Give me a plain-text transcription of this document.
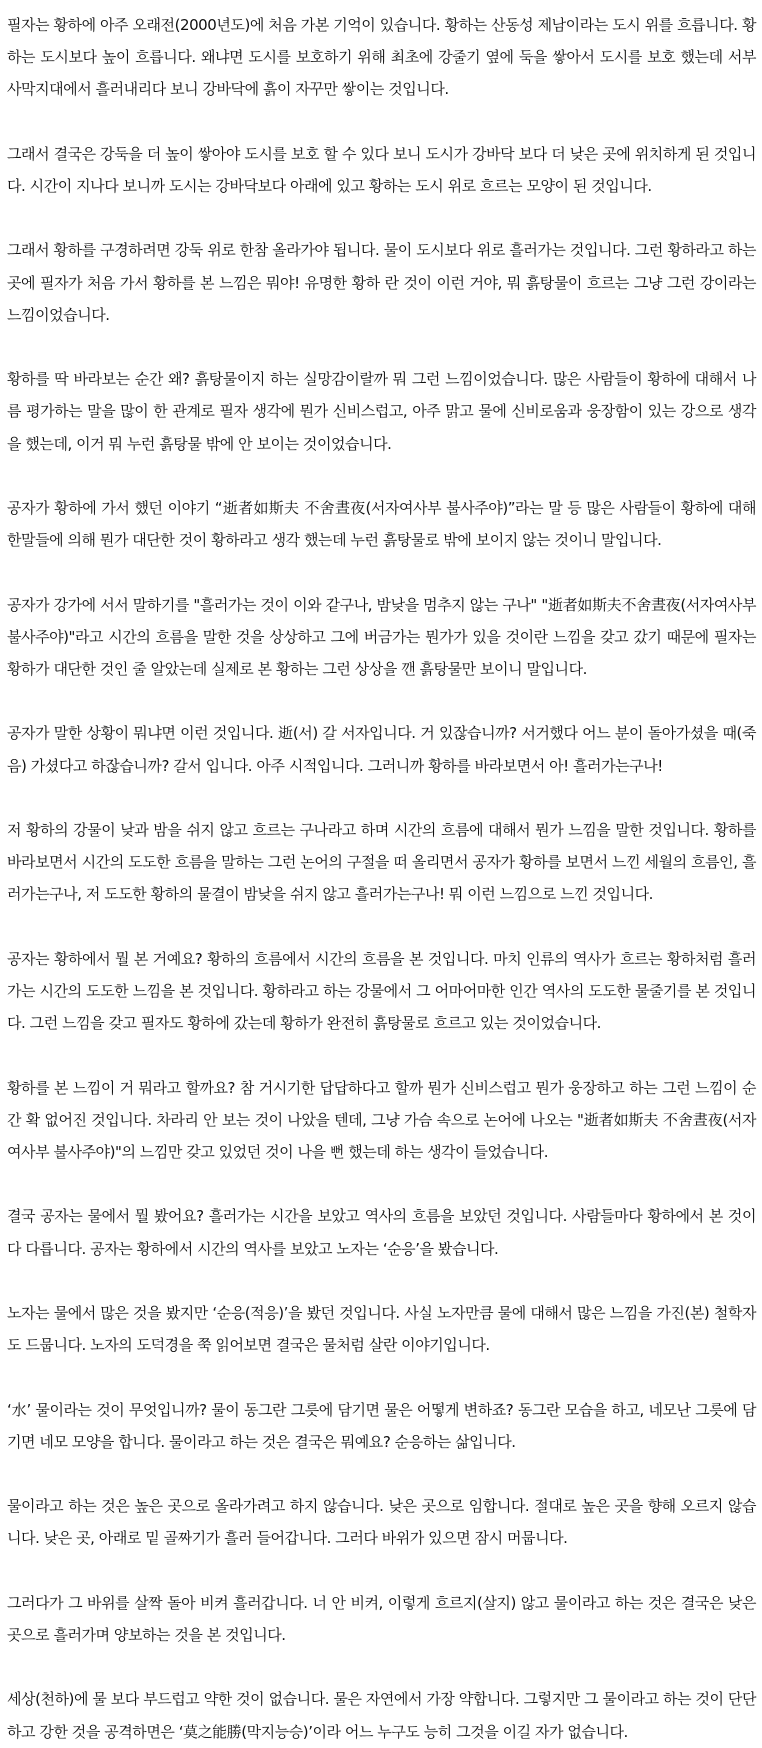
필자는 황하에 아주 오래전(2000년도)에 처음 가본 기억이 있습니다. 황하는 산동성 제남이라는 도시 위를 흐릅니다. 황하는 도시보다 높이 흐릅니다. 왜냐면 도시를 보호하기 위해 최초에 강줄기 옆에 둑을 쌓아서 도시를 보호 했는데 서부 사막지대에서 흘러내리다 보니 강바닥에 흙이 자꾸만 쌓이는 것입니다.

그래서 결국은 강둑을 더 높이 쌓아야 도시를 보호 할 수 있다 보니 도시가 강바닥 보다 더 낮은 곳에 위치하게 된 것입니다. 시간이 지나다 보니까 도시는 강바닥보다 아래에 있고 황하는 도시 위로 흐르는 모양이 된 것입니다.

그래서 황하를 구경하려면 강둑 위로 한참 올라가야 됩니다. 물이 도시보다 위로 흘러가는 것입니다. 그런 황하라고 하는 곳에 필자가 처음 가서 황하를 본 느낌은 뭐야! 유명한 황하 란 것이 이런 거야, 뭐 흙탕물이 흐르는 그냥 그런 강이라는 느낌이었습니다.

황하를 딱 바라보는 순간 왜? 흙탕물이지 하는 실망감이랄까 뭐 그런 느낌이었습니다. 많은 사람들이 황하에 대해서 나름 평가하는 말을 많이 한 관계로 필자 생각에 뭔가 신비스럽고, 아주 맑고 물에 신비로움과 웅장함이 있는 강으로 생각을 했는데, 이거 뭐 누런 흙탕물 밖에 안 보이는 것이었습니다.

공자가 황하에 가서 했던 이야기 “逝者如斯夫 不舍晝夜(서자여사부 불사주야)”라는 말 등 많은 사람들이 황하에 대해 한말들에 의해 뭔가 대단한 것이 황하라고 생각 했는데 누런 흙탕물로 밖에 보이지 않는 것이니 말입니다.

공자가 강가에 서서 말하기를 "흘러가는 것이 이와 같구나, 밤낮을 멈추지 않는 구나" "逝者如斯夫不舍晝夜(서자여사부불사주야)"라고 시간의 흐름을 말한 것을 상상하고 그에 버금가는 뭔가가 있을 것이란 느낌을 갖고 갔기 때문에 필자는 황하가 대단한 것인 줄 알았는데 실제로 본 황하는 그런 상상을 깬 흙탕물만 보이니 말입니다.

공자가 말한 상황이 뭐냐면 이런 것입니다. 逝(서) 갈 서자입니다. 거 있잖습니까? 서거했다 어느 분이 돌아가셨을 때(죽음) 가셨다고 하잖습니까? 갈서 입니다. 아주 시적입니다. 그러니까 황하를 바라보면서 아! 흘러가는구나!

저 황하의 강물이 낮과 밤을 쉬지 않고 흐르는 구나라고 하며 시간의 흐름에 대해서 뭔가 느낌을 말한 것입니다. 황하를 바라보면서 시간의 도도한 흐름을 말하는 그런 논어의 구절을 떠 올리면서 공자가 황하를 보면서 느낀 세월의 흐름인, 흘러가는구나, 저 도도한 황하의 물결이 밤낮을 쉬지 않고 흘러가는구나! 뭐 이런 느낌으로 느낀 것입니다.

공자는 황하에서 뭘 본 거예요? 황하의 흐름에서 시간의 흐름을 본 것입니다. 마치 인류의 역사가 흐르는 황하처럼 흘러가는 시간의 도도한 느낌을 본 것입니다. 황하라고 하는 강물에서 그 어마어마한 인간 역사의 도도한 물줄기를 본 것입니다. 그런 느낌을 갖고 필자도 황하에 갔는데 황하가 완전히 흙탕물로 흐르고 있는 것이었습니다.

황하를 본 느낌이 거 뭐라고 할까요? 참 거시기한 답답하다고 할까 뭔가 신비스럽고 뭔가 웅장하고 하는 그런 느낌이 순간 확 없어진 것입니다. 차라리 안 보는 것이 나았을 텐데, 그냥 가슴 속으로 논어에 나오는 "逝者如斯夫 不舍晝夜(서자여사부 불사주야)"의 느낌만 갖고 있었던 것이 나을 뻔 했는데 하는 생각이 들었습니다.

결국 공자는 물에서 뭘 봤어요? 흘러가는 시간을 보았고 역사의 흐름을 보았던 것입니다. 사람들마다 황하에서 본 것이 다 다릅니다. 공자는 황하에서 시간의 역사를 보았고 노자는 ‘순응’을 봤습니다.

노자는 물에서 많은 것을 봤지만 ‘순응(적응)’을 봤던 것입니다. 사실 노자만큼 물에 대해서 많은 느낌을 가진(본) 철학자도 드뭅니다. 노자의 도덕경을 쭉 읽어보면 결국은 물처럼 살란 이야기입니다.

‘水’ 물이라는 것이 무엇입니까? 물이 동그란 그릇에 담기면 물은 어떻게 변하죠? 동그란 모습을 하고, 네모난 그릇에 담기면 네모 모양을 합니다. 물이라고 하는 것은 결국은 뭐예요? 순응하는 삶입니다.

물이라고 하는 것은 높은 곳으로 올라가려고 하지 않습니다. 낮은 곳으로 임합니다. 절대로 높은 곳을 향해 오르지 않습니다. 낮은 곳, 아래로 밑 골짜기가 흘러 들어갑니다. 그러다 바위가 있으면 잠시 머뭅니다.

그러다가 그 바위를 살짝 돌아 비켜 흘러갑니다. 너 안 비켜, 이렇게 흐르지(살지) 않고 물이라고 하는 것은 결국은 낮은 곳으로 흘러가며 양보하는 것을 본 것입니다.

세상(천하)에 물 보다 부드럽고 약한 것이 없습니다. 물은 자연에서 가장 약합니다. 그렇지만 그 물이라고 하는 것이 단단하고 강한 것을 공격하면은 ‘莫之能勝(막지능승)’이라 어느 누구도 능히 그것을 이길 자가 없습니다.
